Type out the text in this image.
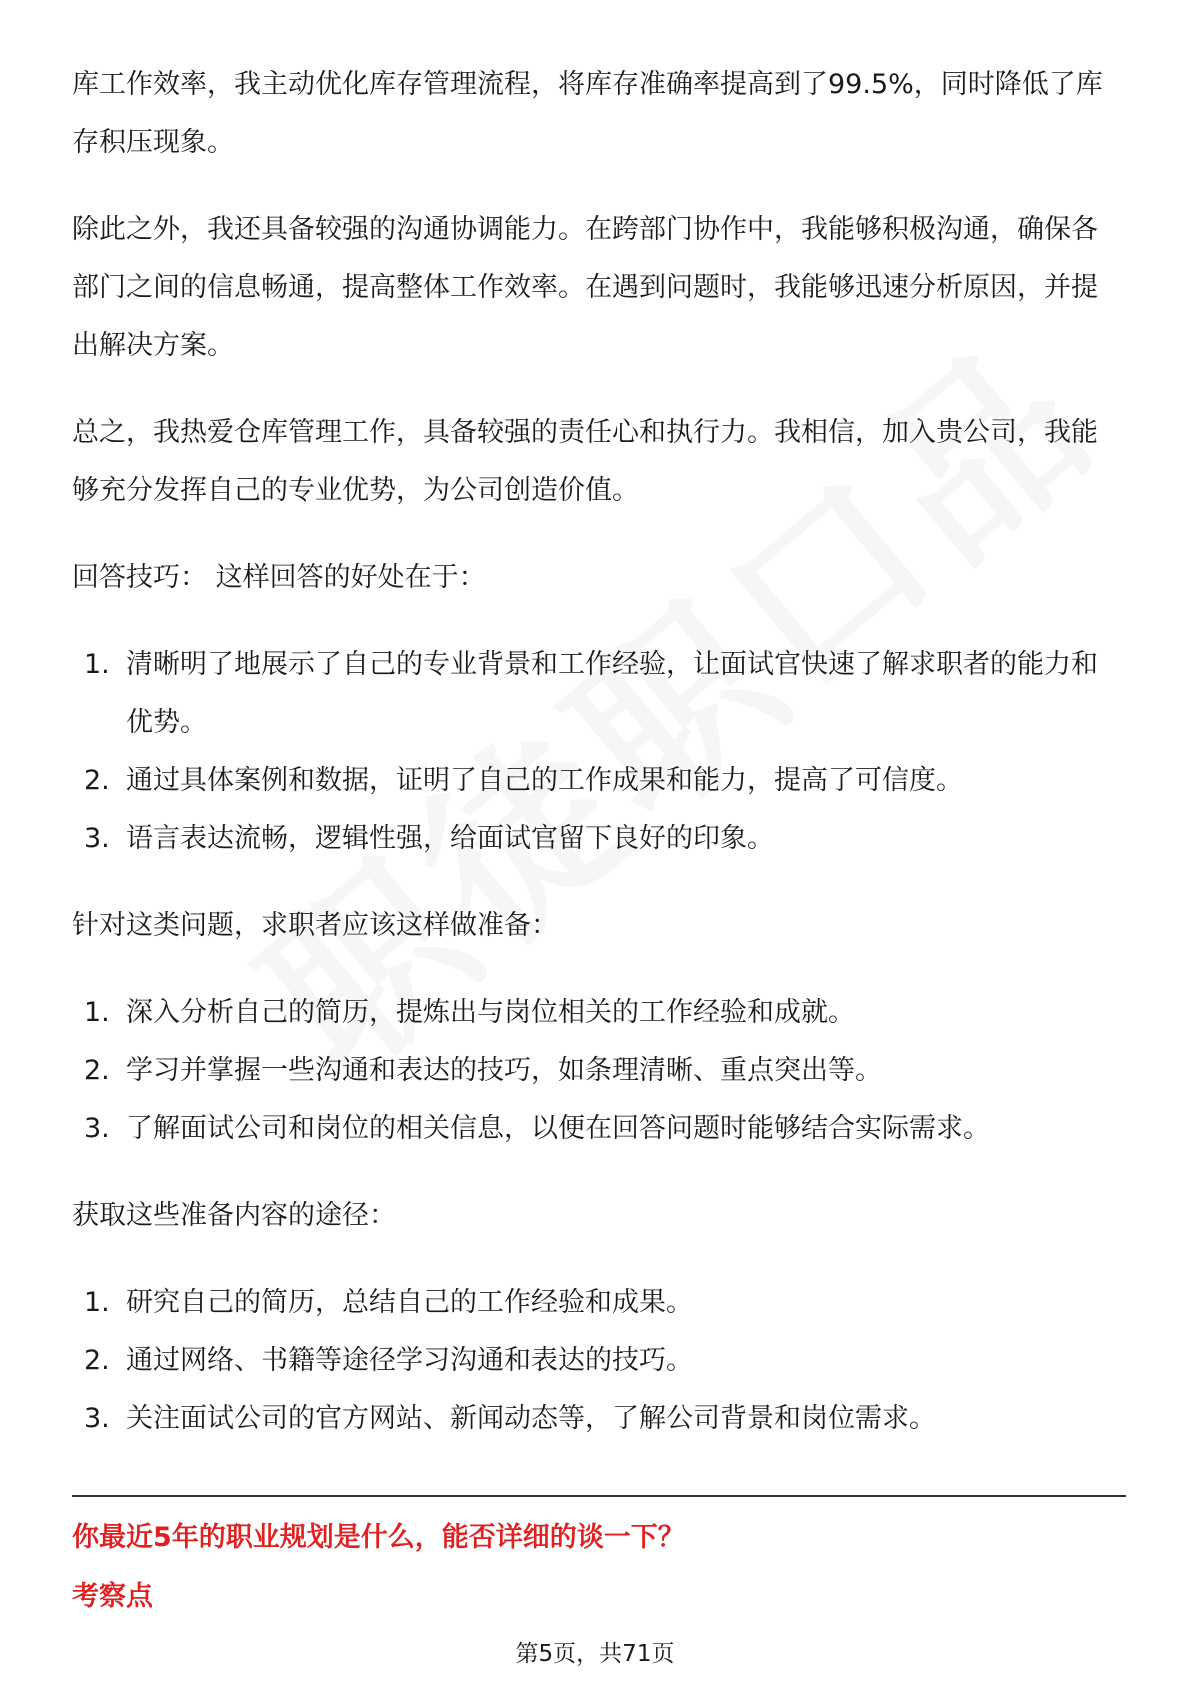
库工作效率，我主动优化库存管理流程，将库存准确率提高到了99.5%，同时降低了库存积压现象。

除此之外，我还具备较强的沟通协调能力。在跨部门协作中，我能够积极沟通，确保各部门之间的信息畅通，提高整体工作效率。在遇到问题时，我能够迅速分析原因，并提出解决方案。

总之，我热爱仓库管理工作，具备较强的责任心和执行力。我相信，加入贵公司，我能够充分发挥自己的专业优势，为公司创造价值。

回答技巧： 这样回答的好处在于：

1. 清晰明了地展示了自己的专业背景和工作经验，让面试官快速了解求职者的能力和优势。
2. 通过具体案例和数据，证明了自己的工作成果和能力，提高了可信度。
3. 语言表达流畅，逻辑性强，给面试官留下良好的印象。

针对这类问题，求职者应该这样做准备：

1. 深入分析自己的简历，提炼出与岗位相关的工作经验和成就。
2. 学习并掌握一些沟通和表达的技巧，如条理清晰、重点突出等。
3. 了解面试公司和岗位的相关信息，以便在回答问题时能够结合实际需求。

获取这些准备内容的途径：

1. 研究自己的简历，总结自己的工作经验和成果。
2. 通过网络、书籍等途径学习沟通和表达的技巧。
3. 关注面试公司的官方网站、新闻动态等，了解公司背景和岗位需求。
你最近5年的职业规划是什么，能否详细的谈一下？
考察点
第5页，共71页
